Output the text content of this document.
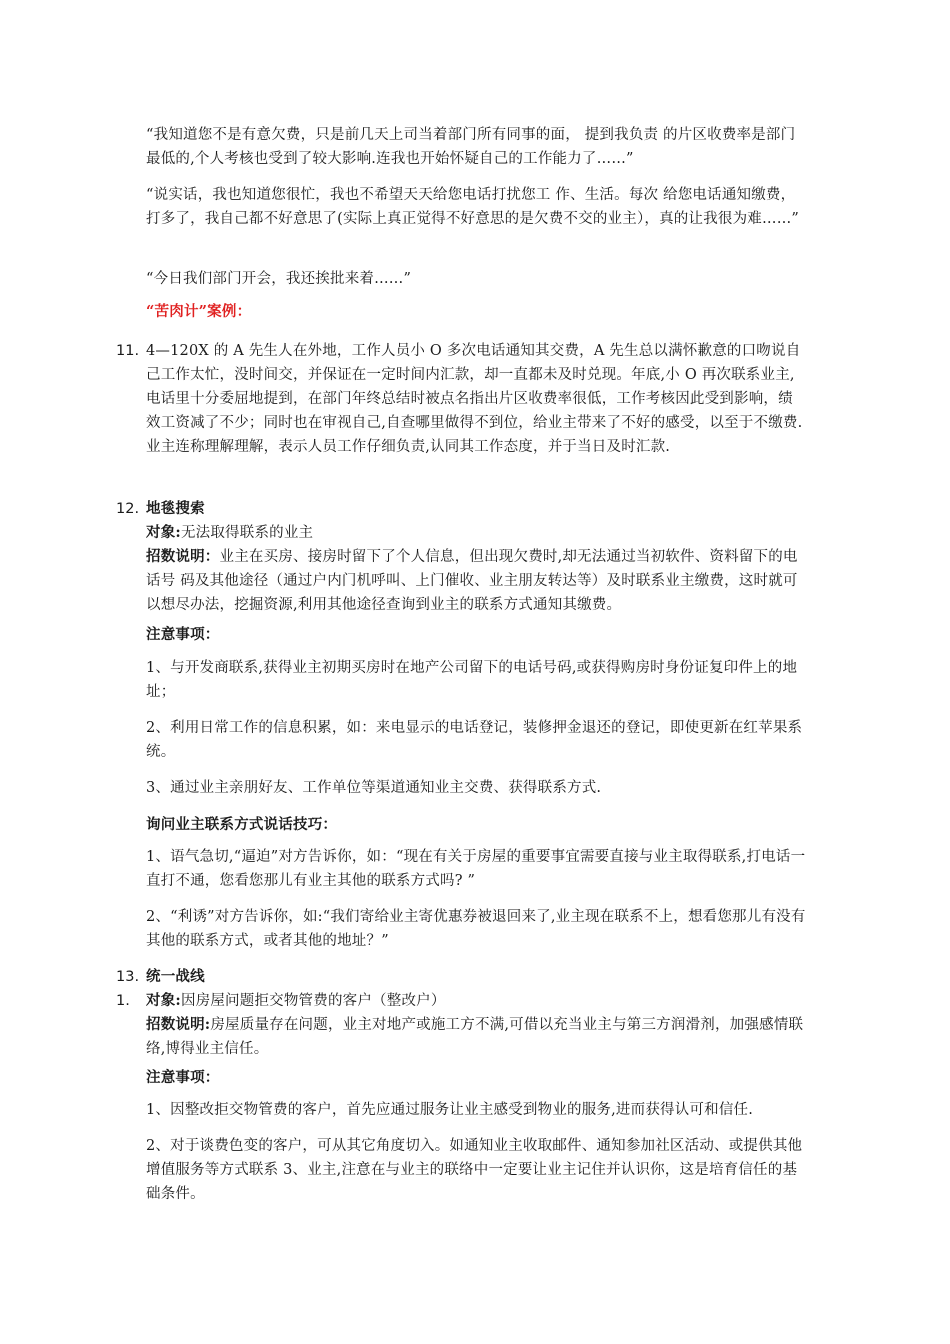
“我知道您不是有意欠费，只是前几天上司当着部门所有同事的面， 提到我负责 的片区收费率是部门最低的,个人考核也受到了较大影响.连我也开始怀疑自己的工作能力了……”

“说实话，我也知道您很忙，我也不希望天天给您电话打扰您工 作、生活。每次 给您电话通知缴费，打多了，我自己都不好意思了(实际上真正觉得不好意思的是欠费不交的业主），真的让我很为难……”

“今日我们部门开会，我还挨批来着……”

“苦肉计”案例：

11. 4—120X 的 A 先生人在外地，工作人员小 O 多次电话通知其交费，A 先生总以满怀歉意的口吻说自己工作太忙，没时间交，并保证在一定时间内汇款，却一直都未及时兑现。年底,小 O 再次联系业主,电话里十分委屈地提到，在部门年终总结时被点名指出片区收费率很低，工作考核因此受到影响，绩效工资减了不少；同时也在审视自己,自查哪里做得不到位，给业主带来了不好的感受，以至于不缴费.业主连称理解理解，表示人员工作仔细负责,认同其工作态度，并于当日及时汇款.

12. 地毯搜索

对象:无法取得联系的业主

招数说明：业主在买房、接房时留下了个人信息，但出现欠费时,却无法通过当初软件、资料留下的电话号 码及其他途径（通过户内门机呼叫、上门催收、业主朋友转达等）及时联系业主缴费，这时就可以想尽办法，挖掘资源,利用其他途径查询到业主的联系方式通知其缴费。

注意事项：

1、与开发商联系,获得业主初期买房时在地产公司留下的电话号码,或获得购房时身份证复印件上的地址；

2、利用日常工作的信息积累，如：来电显示的电话登记，装修押金退还的登记，即使更新在红苹果系统。

3、通过业主亲朋好友、工作单位等渠道通知业主交费、获得联系方式.

询问业主联系方式说话技巧：

1、语气急切,“逼迫”对方告诉你，如：“现在有关于房屋的重要事宜需要直接与业主取得联系,打电话一直打不通，您看您那儿有业主其他的联系方式吗? ”

2、“利诱”对方告诉你，如:“我们寄给业主寄优惠券被退回来了,业主现在联系不上，想看您那儿有没有其他的联系方式，或者其他的地址？”

13. 统一战线

1. 对象:因房屋问题拒交物管费的客户（整改户）

招数说明:房屋质量存在问题，业主对地产或施工方不满,可借以充当业主与第三方润滑剂，加强感情联络,博得业主信任。

注意事项：

1、因整改拒交物管费的客户，首先应通过服务让业主感受到物业的服务,进而获得认可和信任.

2、对于谈费色变的客户，可从其它角度切入。如通知业主收取邮件、通知参加社区活动、或提供其他增值服务等方式联系 3、业主,注意在与业主的联络中一定要让业主记住并认识你，这是培育信任的基础条件。
